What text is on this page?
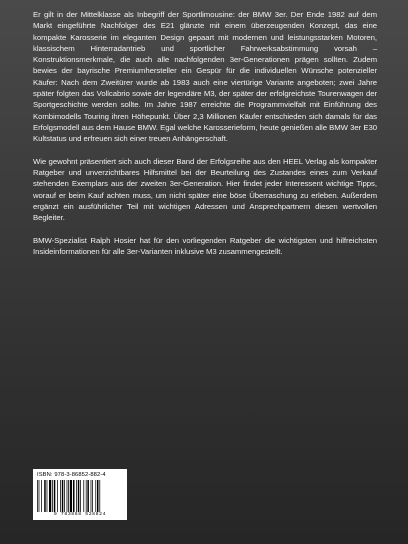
Er gilt in der Mittelklasse als Inbegriff der Sportlimousine: der BMW 3er. Der Ende 1982 auf dem Markt eingeführte Nachfolger des E21 glänzte mit einem überzeugenden Konzept, das eine kompakte Karosserie im eleganten Design gepaart mit modernen und leistungsstarken Motoren, klassischem Hinterradantrieb und sportlicher Fahrwerksabstimmung vorsah – Konstruktionsmerkmale, die auch alle nachfolgenden 3er-Generationen prägen sollten. Zudem bewies der bayrische Premiumhersteller ein Gespür für die individuellen Wünsche potenzieller Käufer: Nach dem Zweitürer wurde ab 1983 auch eine viertürige Variante angeboten; zwei Jahre später folgten das Vollcabrio sowie der legendäre M3, der später der erfolgreichste Tourenwagen der Sportgeschichte werden sollte. Im Jahre 1987 erreichte die Programmvielfalt mit Einführung des Kombimodells Touring ihren Höhepunkt. Über 2,3 Millionen Käufer entschieden sich damals für das Erfolgsmodell aus dem Hause BMW. Egal welche Karosserieform, heute genießen alle BMW 3er E30 Kultstatus und erfreuen sich einer treuen Anhängerschaft.

Wie gewohnt präsentiert sich auch dieser Band der Erfolgsreihe aus den HEEL Verlag als kompakter Ratgeber und unverzichtbares Hilfsmittel bei der Beurteilung des Zustandes eines zum Verkauf stehenden Exemplars aus der zweiten 3er-Generation. Hier findet jeder Interessent wichtige Tipps, worauf er beim Kauf achten muss, um nicht später eine böse Überraschung zu erleben. Außerdem ergänzt ein ausführlicher Teil mit wichtigen Adressen und Ansprechpartnern diesen wertvollen Begleiter.

BMW-Spezialist Ralph Hosier hat für den vorliegenden Ratgeber die wichtigsten und hilfreichsten Insideinformationen für alle 3er-Varianten inklusive M3 zusammengestellt.

ISBN: 978-3-86852-882-4
9 783868 528824
